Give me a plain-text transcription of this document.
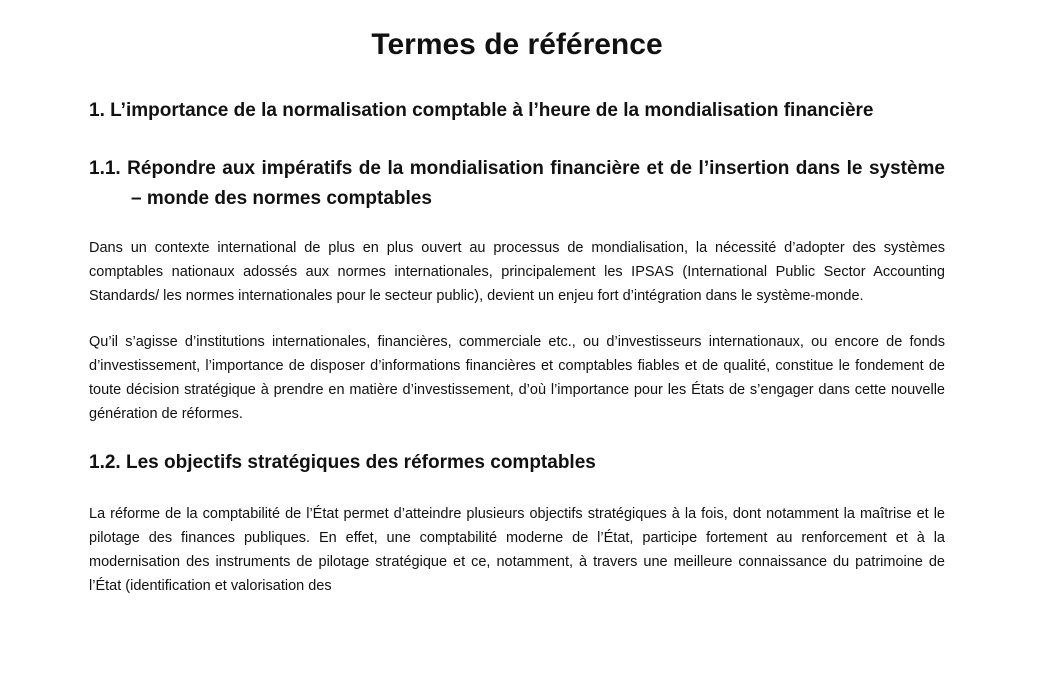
Termes de référence
1. L’importance de la normalisation comptable à l’heure de la mondialisation financière
1.1. Répondre aux impératifs de la mondialisation financière et de l’insertion dans le système – monde des normes comptables

Dans un contexte international de plus en plus ouvert au processus de mondialisation, la nécessité d’adopter des systèmes comptables nationaux adossés aux normes internationales, principalement les IPSAS (International Public Sector Accounting Standards/ les normes internationales pour le secteur public), devient un enjeu fort d’intégration dans le système-monde.

Qu’il s’agisse d’institutions internationales, financières, commerciale etc., ou d’investisseurs internationaux, ou encore de fonds d’investissement, l’importance de disposer d’informations financières et comptables fiables et de qualité, constitue le fondement de toute décision stratégique à prendre en matière d’investissement, d’où l’importance pour les États de s’engager dans cette nouvelle génération de réformes.

1.2. Les objectifs stratégiques des réformes comptables

La réforme de la comptabilité de l’État permet d’atteindre plusieurs objectifs stratégiques à la fois, dont notamment la maîtrise et le pilotage des finances publiques. En effet, une comptabilité moderne de l’État, participe fortement au renforcement et à la modernisation des instruments de pilotage stratégique et ce, notamment, à travers une meilleure connaissance du patrimoine de l’État (identification et valorisation des
